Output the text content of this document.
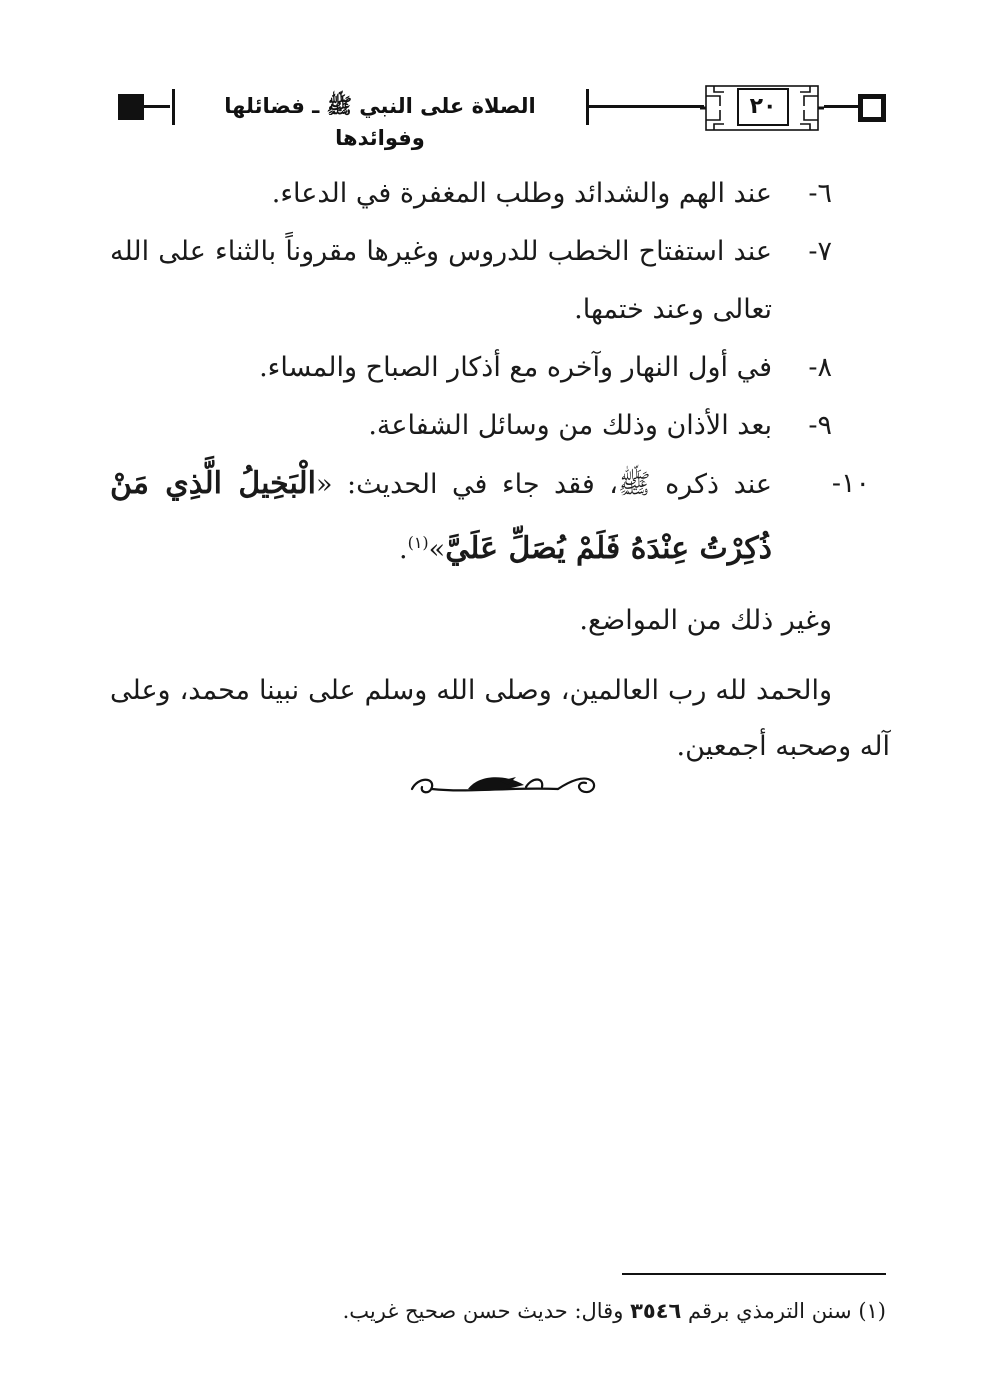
الصلاة على النبي ﷺ ـ فضائلها وفوائدها
٢٠
٦-
عند الهم والشدائد وطلب المغفرة في الدعاء.
٧-
عند استفتاح الخطب للدروس وغيرها مقروناً بالثناء على الله تعالى وعند ختمها.
٨-
في أول النهار وآخره مع أذكار الصباح والمساء.
٩-
بعد الأذان وذلك من وسائل الشفاعة.
١٠-
عند ذكره ﷺ، فقد جاء في الحديث: «الْبَخِيلُ الَّذِي مَنْ ذُكِرْتُ عِنْدَهُ فَلَمْ يُصَلِّ عَلَيَّ»$^{(١)}$.
وغير ذلك من المواضع.
والحمد لله رب العالمين، وصلى الله وسلم على نبينا محمد، وعلى آله وصحبه أجمعين.
(١) سنن الترمذي برقم ٣٥٤٦ وقال: حديث حسن صحيح غريب.
